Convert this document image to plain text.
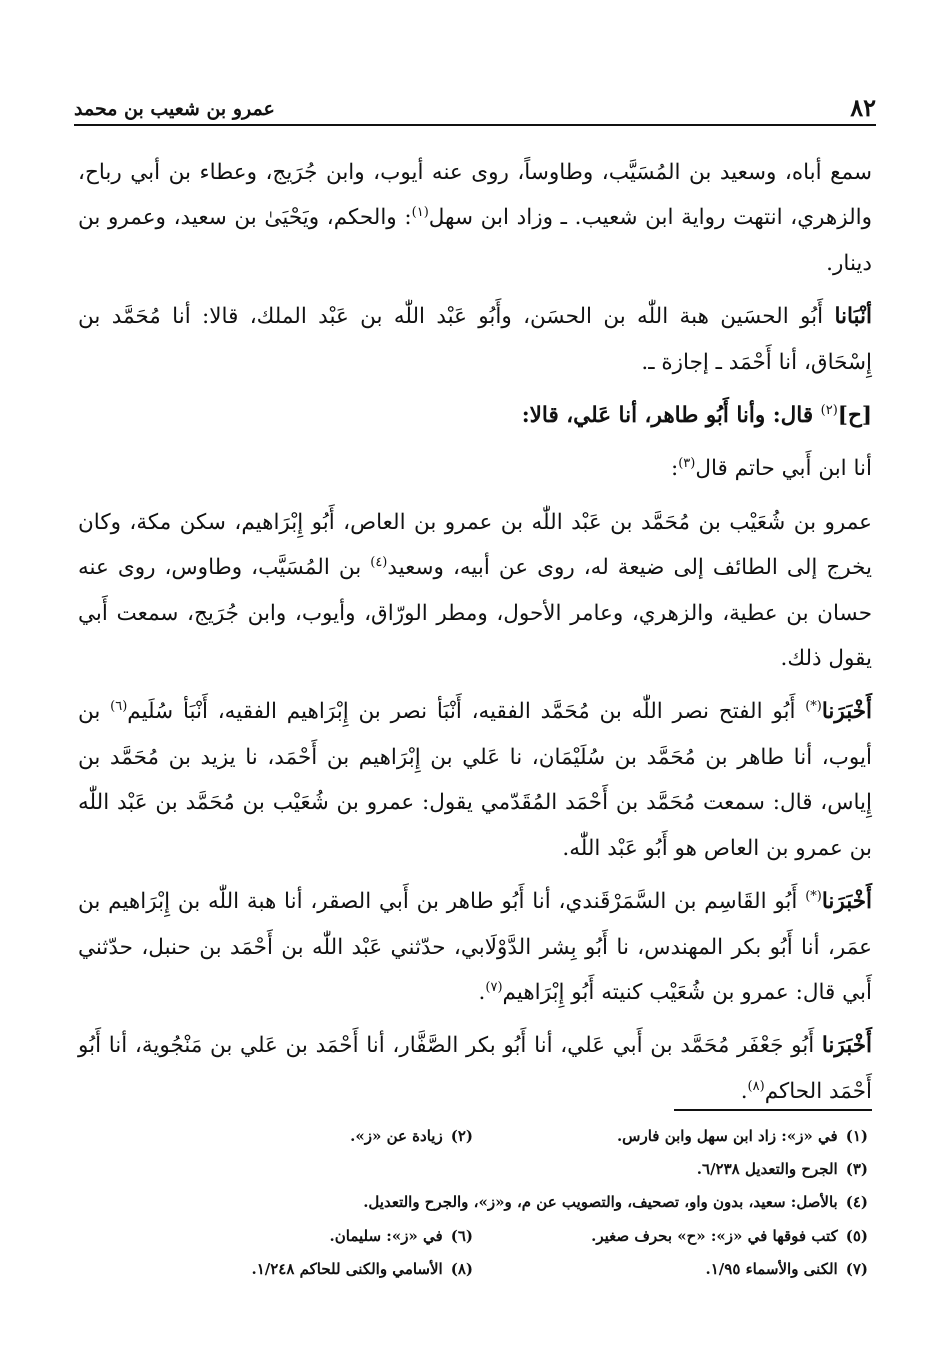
٨٢
عمرو بن شعيب بن محمد

سمع أباه، وسعيد بن المُسَيَّب، وطاوساً، روى عنه أيوب، وابن جُرَيج، وعطاء بن أبي رباح، والزهري، انتهت رواية ابن شعيب. ـ وزاد ابن سهل$^{(١)}$: والحكم، ويَحْيَىٰ بن سعيد، وعمرو بن دينار.

أنْبَانا أَبُو الحسَين هبة اللّٰه بن الحسَن، وأَبُو عَبْد اللّٰه بن عَبْد الملك، قالا: أنا مُحَمَّد بن إِسْحَاق، أنا أَحْمَد ـ إجازة ـ.

[ح]$^{(٢)}$ قال: وأنا أَبُو طاهر، أنا عَلي، قالا:

أنا ابن أَبي حاتم قال$^{(٣)}$:

عمرو بن شُعَيْب بن مُحَمَّد بن عَبْد اللّٰه بن عمرو بن العاص، أَبُو إِبْرَاهيم، سكن مكة، وكان يخرج إلى الطائف إلى ضيعة له، روى عن أبيه، وسعيد$^{(٤)}$ بن المُسَيَّب، وطاوس، روى عنه حسان بن عطية، والزهري، وعامر الأحول، ومطر الورّاق، وأيوب، وابن جُرَيج، سمعت أَبي يقول ذلك.

أَخْبَرَنا(*) أَبُو الفتح نصر اللّٰه بن مُحَمَّد الفقيه، أَنْبَأ نصر بن إِبْرَاهيم الفقيه، أَنْبَأ سُلَيم$^{(٦)}$ بن أيوب، أنا طاهر بن مُحَمَّد بن سُلَيْمَان، نا عَلي بن إِبْرَاهيم بن أَحْمَد، نا يزيد بن مُحَمَّد بن إِياس، قال: سمعت مُحَمَّد بن أَحْمَد المُقَدّمي يقول: عمرو بن شُعَيْب بن مُحَمَّد بن عَبْد اللّٰه بن عمرو بن العاص هو أَبُو عَبْد اللّٰه.

أَخْبَرَنا(*) أَبُو القَاسِم بن السَّمَرْقَندي، أنا أَبُو طاهر بن أَبي الصقر، أنا هبة اللّٰه بن إِبْرَاهيم بن عمَر، أنا أَبُو بكر المهندس، نا أَبُو بِشر الدَّوْلَابي، حدّثني عَبْد اللّٰه بن أَحْمَد بن حنبل، حدّثني أَبي قال: عمرو بن شُعَيْب كنيته أَبُو إِبْرَاهيم$^{(٧)}$.

أَخْبَرَنا أَبُو جَعْفَر مُحَمَّد بن أَبي عَلي، أنا أَبُو بكر الصَّفَّار، أنا أَحْمَد بن عَلي بن مَنْجُوية، أنا أَبُو أَحْمَد الحاكم$^{(٨)}$.

(١)في «ز»: زاد ابن سهل وابن فارس.
(٢)زيادة عن «ز».
(٣)الجرح والتعديل ٦/٢٣٨.
(٤)بالأصل: سعيد، بدون واو، تصحيف، والتصويب عن م، و«ز»، والجرح والتعديل.
(٥)كتب فوقها في «ز»: «ح» بحرف صغير.
(٦)في «ز»: سليمان.
(٧)الكنى والأسماء ١/٩٥.
(٨)الأسامي والكنى للحاكم ١/٢٤٨.
